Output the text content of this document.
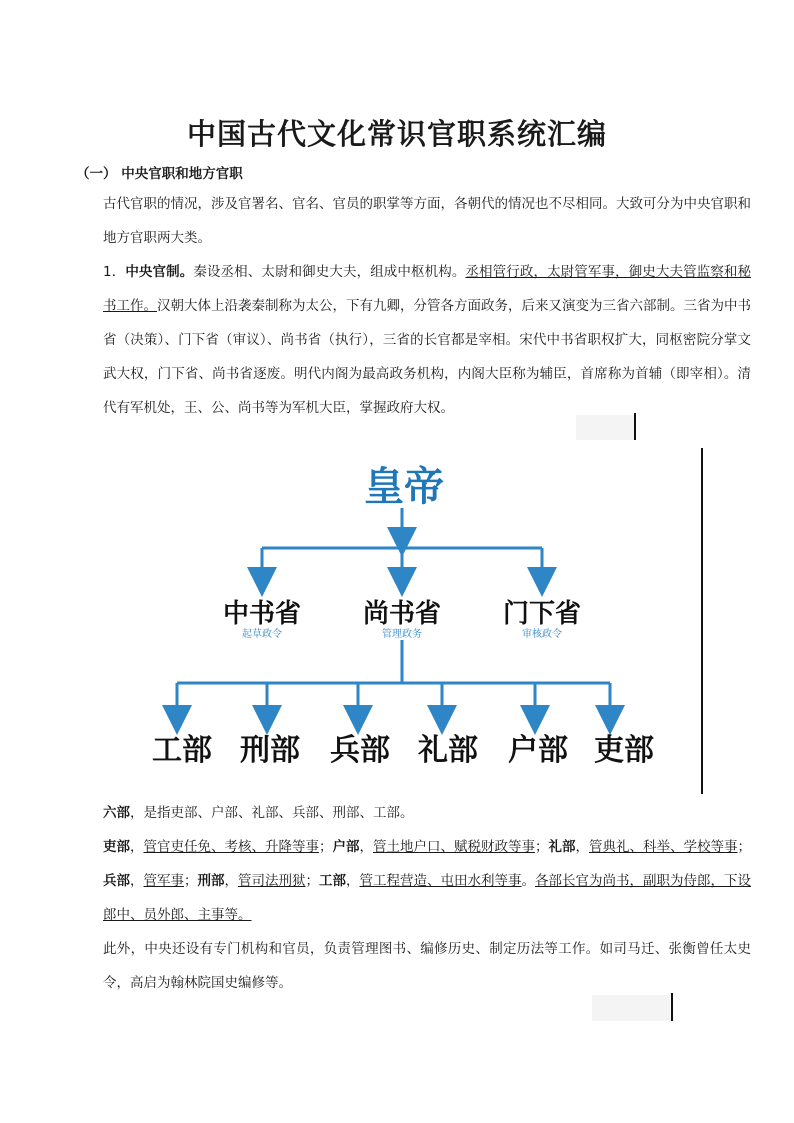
中国古代文化常识官职系统汇编
（一） 中央官职和地方官职
古代官职的情况，涉及官署名、官名、官员的职掌等方面，各朝代的情况也不尽相同。大致可分为中央官职和地方官职两大类。
1．中央官制。秦设丞相、太尉和御史大夫，组成中枢机构。丞相管行政，太尉管军事，御史大夫管监察和秘书工作。汉朝大体上沿袭秦制称为太公，下有九卿，分管各方面政务，后来又演变为三省六部制。三省为中书省（决策）、门下省（审议）、尚书省（执行），三省的长官都是宰相。宋代中书省职权扩大，同枢密院分掌文武大权，门下省、尚书省逐废。明代内阁为最高政务机构，内阁大臣称为辅臣，首席称为首辅（即宰相）。清代有军机处，王、公、尚书等为军机大臣，掌握政府大权。
皇帝
中书省
起草政令
尚书省
管理政务
门下省
审核政令
工部 刑部 兵部 礼部 户部 吏部
六部，是指吏部、户部、礼部、兵部、刑部、工部。
吏部，管官吏任免、考核、升降等事；户部，管土地户口、赋税财政等事；礼部，管典礼、科举、学校等事；兵部，管军事；刑部，管司法刑狱；工部，管工程营造、屯田水利等事。各部长官为尚书，副职为侍郎，下设郎中、员外郎、主事等。
此外，中央还设有专门机构和官员，负责管理图书、编修历史、制定历法等工作。如司马迁、张衡曾任太史令，高启为翰林院国史编修等。
